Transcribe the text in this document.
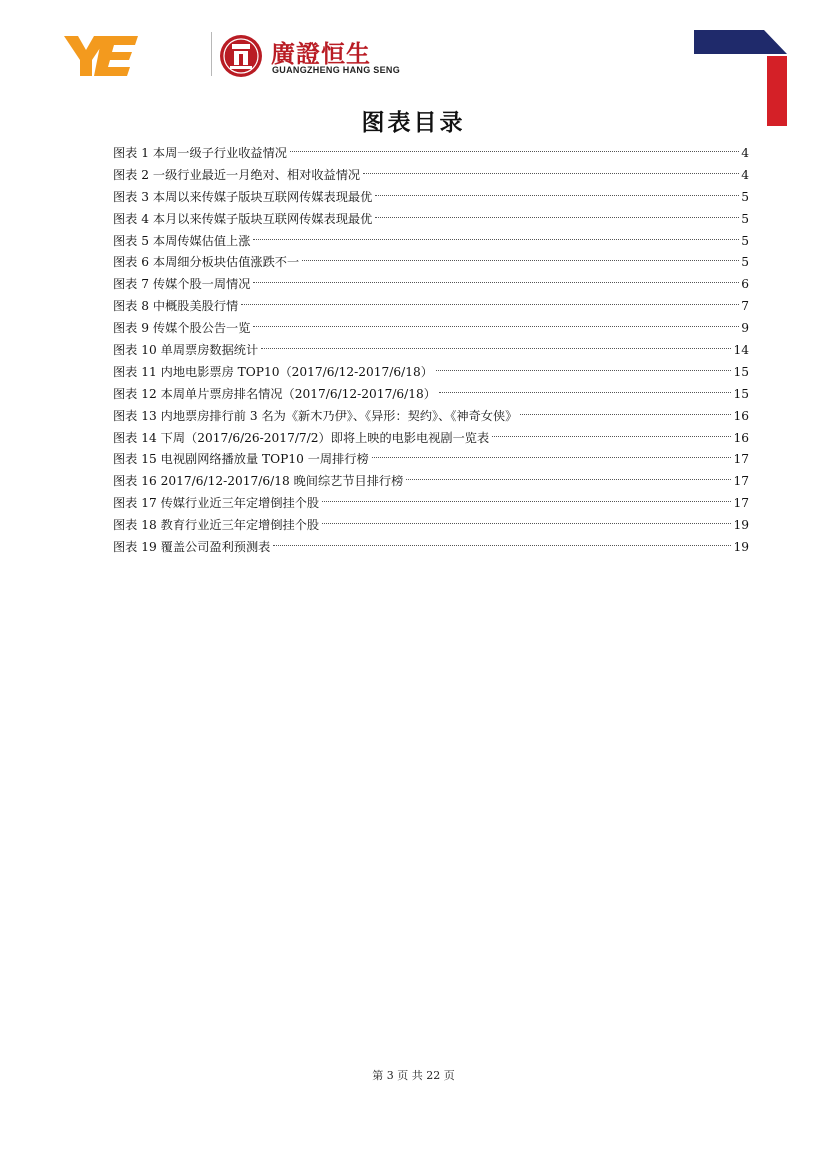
廣證恒生
GUANGZHENG HANG SENG
图表目录
图表 1 本周一级子行业收益情况	4
图表 2 一级行业最近一月绝对、相对收益情况	4
图表 3 本周以来传媒子版块互联网传媒表现最优	5
图表 4 本月以来传媒子版块互联网传媒表现最优	5
图表 5 本周传媒估值上涨	5
图表 6 本周细分板块估值涨跌不一	5
图表 7 传媒个股一周情况	6
图表 8 中概股美股行情	7
图表 9 传媒个股公告一览	9
图表 10 单周票房数据统计	14
图表 11 内地电影票房 TOP10（2017/6/12-2017/6/18）	15
图表 12 本周单片票房排名情况（2017/6/12-2017/6/18）	15
图表 13 内地票房排行前 3 名为《新木乃伊》、《异形：契约》、《神奇女侠》	16
图表 14 下周（2017/6/26-2017/7/2）即将上映的电影电视剧一览表	16
图表 15 电视剧网络播放量 TOP10 一周排行榜	17
图表 16 2017/6/12-2017/6/18 晚间综艺节目排行榜	17
图表 17 传媒行业近三年定增倒挂个股	17
图表 18 教育行业近三年定增倒挂个股	19
图表 19 覆盖公司盈利预测表	19
第 3 页 共 22 页
